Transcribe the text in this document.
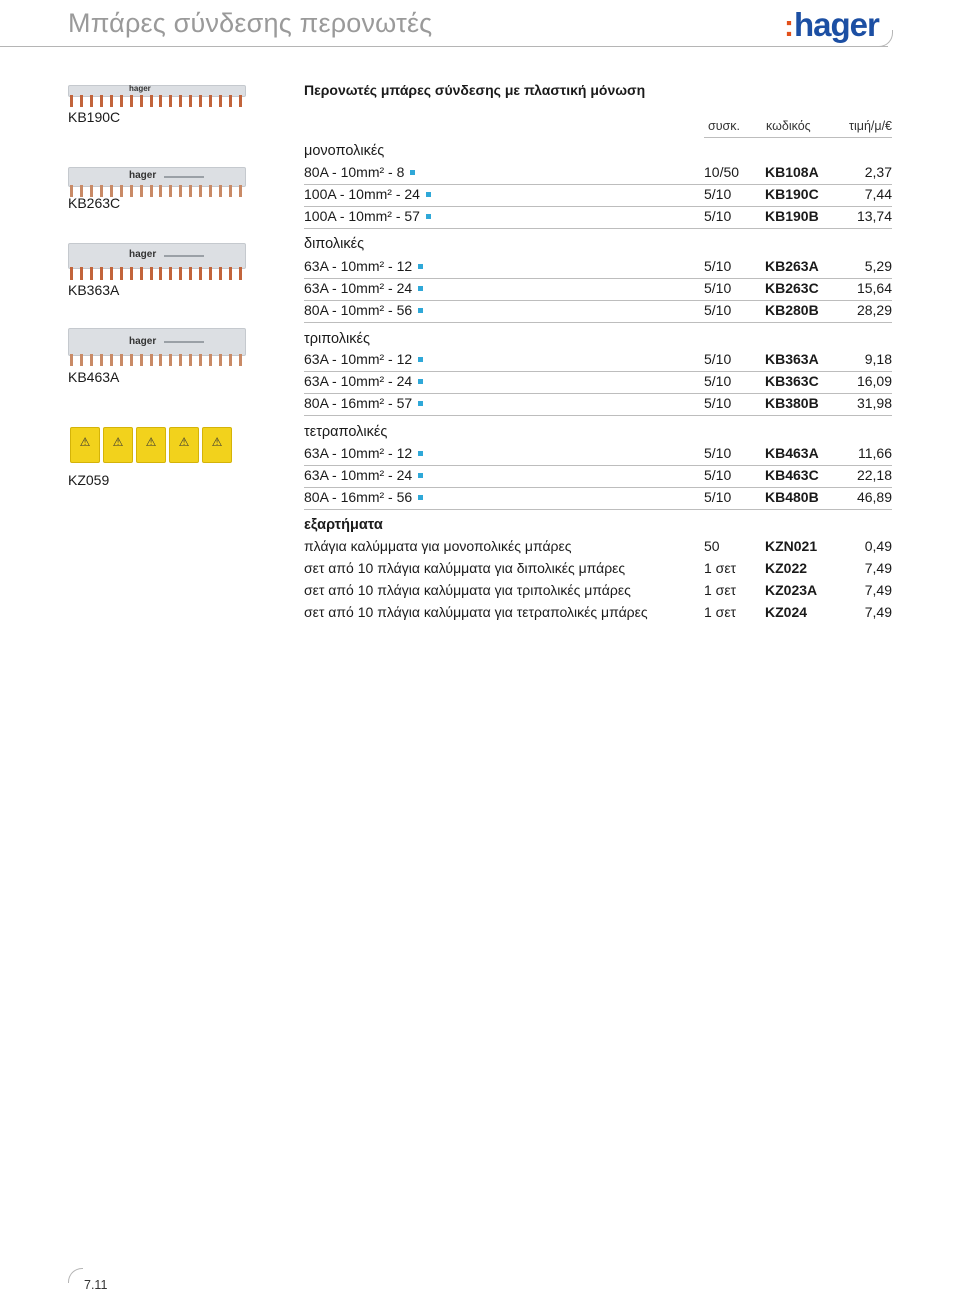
Μπάρες σύνδεσης περονωτές	:hager
hager
KB190C
hager
KB263C
hager
KB363A
hager
KB463A
⚠	⚠	⚠	⚠	⚠
KZ059
Περονωτές μπάρες σύνδεσης με πλαστική μόνωση
συσκ. κωδικός	τιμή/μ/€
μονοπολικές
80A - 10mm² - 8	10/50 KB108A	2,37
100A - 10mm² - 24	5/10 KB190C	7,44
100A - 10mm² - 57	5/10 KB190B	13,74
διπολικές
63A - 10mm² - 12	5/10 KB263A	5,29
63A - 10mm² - 24	5/10 KB263C	15,64
80A - 10mm² - 56	5/10 KB280B	28,29
τριπολικές
63A - 10mm² - 12	5/10 KB363A	9,18
63A - 10mm² - 24	5/10 KB363C	16,09
80A - 16mm² - 57	5/10 KB380B	31,98
τετραπολικές
63A - 10mm² - 12	5/10 KB463A	11,66
63A - 10mm² - 24	5/10 KB463C	22,18
80A - 16mm² - 56	5/10 KB480B	46,89
εξαρτήματα
πλάγια καλύμματα για μονοπολικές μπάρες	50	KZN021	0,49
σετ από 10 πλάγια καλύμματα για διπολικές μπάρες	1 σετ KZ022	7,49
σετ από 10 πλάγια καλύμματα για τριπολικές μπάρες	1 σετ KZ023A	7,49
σετ από 10 πλάγια καλύμματα για τετραπολικές μπάρες	1 σετ KZ024	7,49
7.11
